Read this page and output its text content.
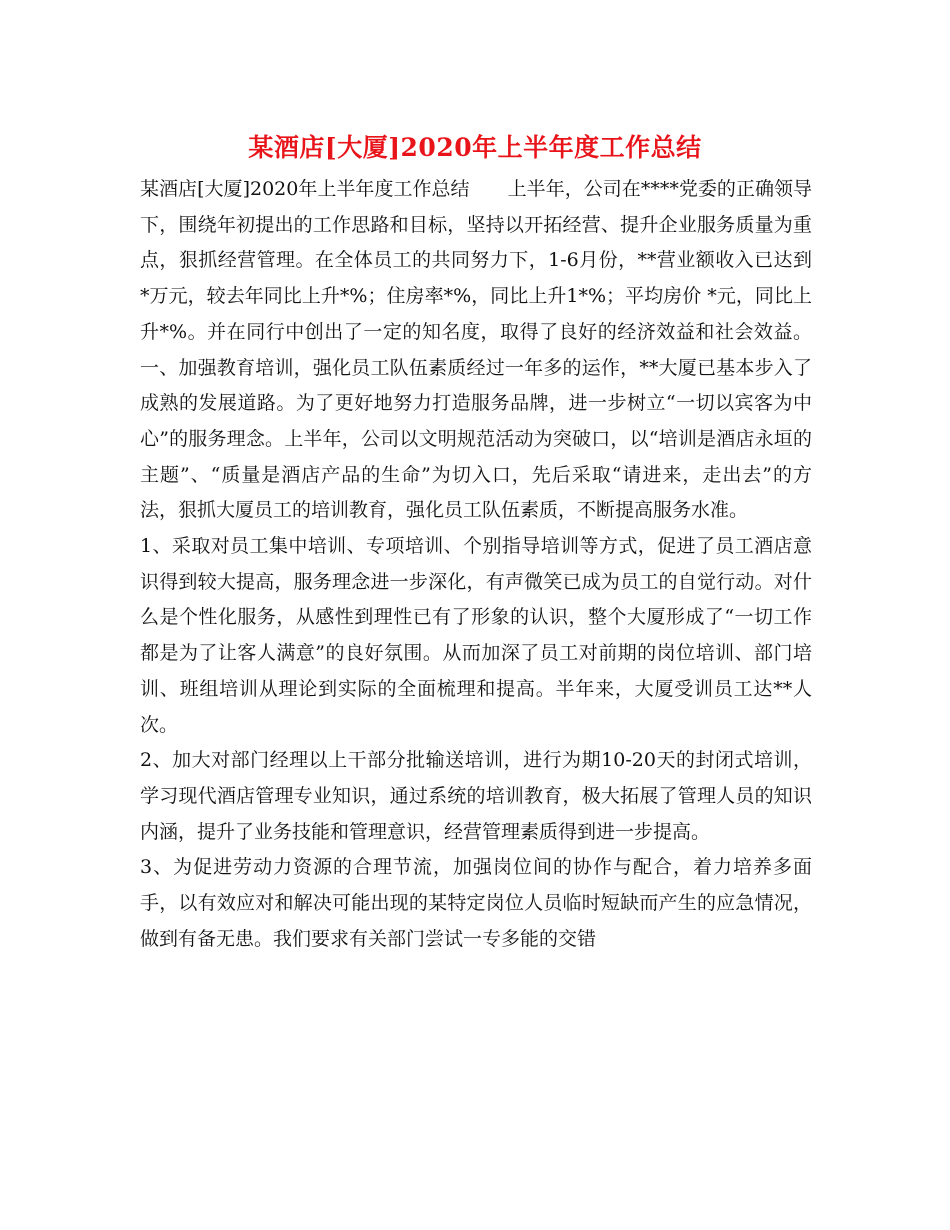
某酒店[大厦]2020年上半年度工作总结

某酒店[大厦]2020年上半年度工作总结　　上半年，公司在****党委的正确领导下，围绕年初提出的工作思路和目标，坚持以开拓经营、提升企业服务质量为重点，狠抓经营管理。在全体员工的共同努力下，1-6月份，**营业额收入已达到 *万元，较去年同比上升*%；住房率*%，同比上升1*%；平均房价 *元，同比上升*%。并在同行中创出了一定的知名度，取得了良好的经济效益和社会效益。一、加强教育培训，强化员工队伍素质经过一年多的运作，**大厦已基本步入了成熟的发展道路。为了更好地努力打造服务品牌，进一步树立“一切以宾客为中心”的服务理念。上半年，公司以文明规范活动为突破口，以“培训是酒店永垣的主题”、“质量是酒店产品的生命”为切入口，先后采取“请进来，走出去”的方法，狠抓大厦员工的培训教育，强化员工队伍素质，不断提高服务水准。

1、采取对员工集中培训、专项培训、个别指导培训等方式，促进了员工酒店意识得到较大提高，服务理念进一步深化，有声微笑已成为员工的自觉行动。对什么是个性化服务，从感性到理性已有了形象的认识，整个大厦形成了“一切工作都是为了让客人满意”的良好氛围。从而加深了员工对前期的岗位培训、部门培训、班组培训从理论到实际的全面梳理和提高。半年来，大厦受训员工达**人次。

2、加大对部门经理以上干部分批输送培训，进行为期10-20天的封闭式培训，学习现代酒店管理专业知识，通过系统的培训教育，极大拓展了管理人员的知识内涵，提升了业务技能和管理意识，经营管理素质得到进一步提高。

3、为促进劳动力资源的合理节流，加强岗位间的协作与配合，着力培养多面手，以有效应对和解决可能出现的某特定岗位人员临时短缺而产生的应急情况，做到有备无患。我们要求有关部门尝试一专多能的交错
